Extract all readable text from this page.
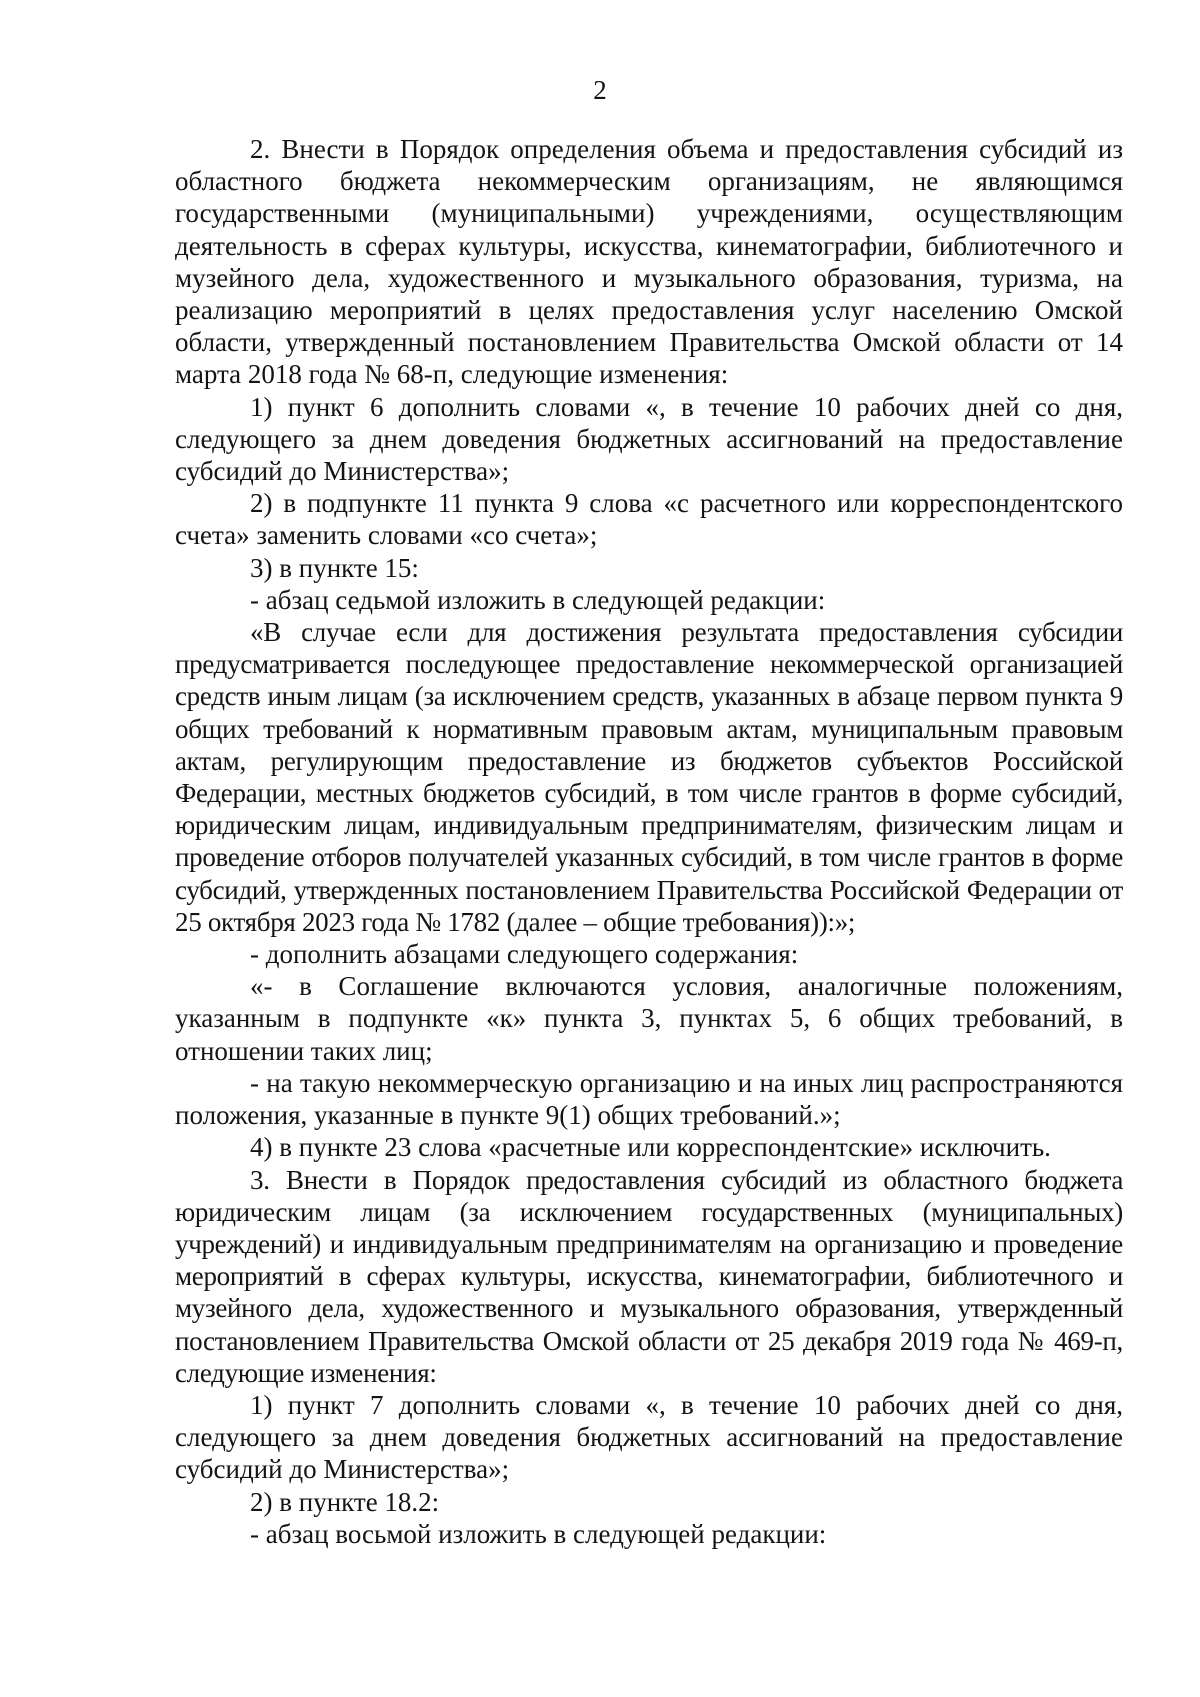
2

2. Внести в Порядок определения объема и предоставления субсидий из областного бюджета некоммерческим организациям, не являющимся государственными (муниципальными) учреждениями, осуществляющим деятельность в сферах культуры, искусства, кинематографии, библиотечного и музейного дела, художественного и музыкального образования, туризма, на реализацию мероприятий в целях предоставления услуг населению Омской области, утвержденный постановлением Правительства Омской области от 14 марта 2018 года № 68-п, следующие изменения:

1) пункт 6 дополнить словами «, в течение 10 рабочих дней со дня, следующего за днем доведения бюджетных ассигнований на предоставление субсидий до Министерства»;

2) в подпункте 11 пункта 9 слова «с расчетного или корреспондентского счета» заменить словами «со счета»;

3) в пункте 15:

- абзац седьмой изложить в следующей редакции:

«В случае если для достижения результата предоставления субсидии предусматривается последующее предоставление некоммерческой организацией средств иным лицам (за исключением средств, указанных в абзаце первом пункта 9 общих требований к нормативным правовым актам, муниципальным правовым актам, регулирующим предоставление из бюджетов субъектов Российской Федерации, местных бюджетов субсидий, в том числе грантов в форме субсидий, юридическим лицам, индивидуальным предпринимателям, физическим лицам и проведение отборов получателей указанных субсидий, в том числе грантов в форме субсидий, утвержденных постановлением Правительства Российской Федерации от 25 октября 2023 года № 1782 (далее – общие требования)):»;

- дополнить абзацами следующего содержания:

«- в Соглашение включаются условия, аналогичные положениям, указанным в подпункте «к» пункта 3, пунктах 5, 6 общих требований, в отношении таких лиц;

- на такую некоммерческую организацию и на иных лиц распространяются положения, указанные в пункте 9(1) общих требований.»;

4) в пункте 23 слова «расчетные или корреспондентские» исключить.

3. Внести в Порядок предоставления субсидий из областного бюджета юридическим лицам (за исключением государственных (муниципальных) учреждений) и индивидуальным предпринимателям на организацию и проведение мероприятий в сферах культуры, искусства, кинематографии, библиотечного и музейного дела, художественного и музыкального образования, утвержденный постановлением Правительства Омской области от 25 декабря 2019 года № 469-п, следующие изменения:

1) пункт 7 дополнить словами «, в течение 10 рабочих дней со дня, следующего за днем доведения бюджетных ассигнований на предоставление субсидий до Министерства»;

2) в пункте 18.2:

- абзац восьмой изложить в следующей редакции:
